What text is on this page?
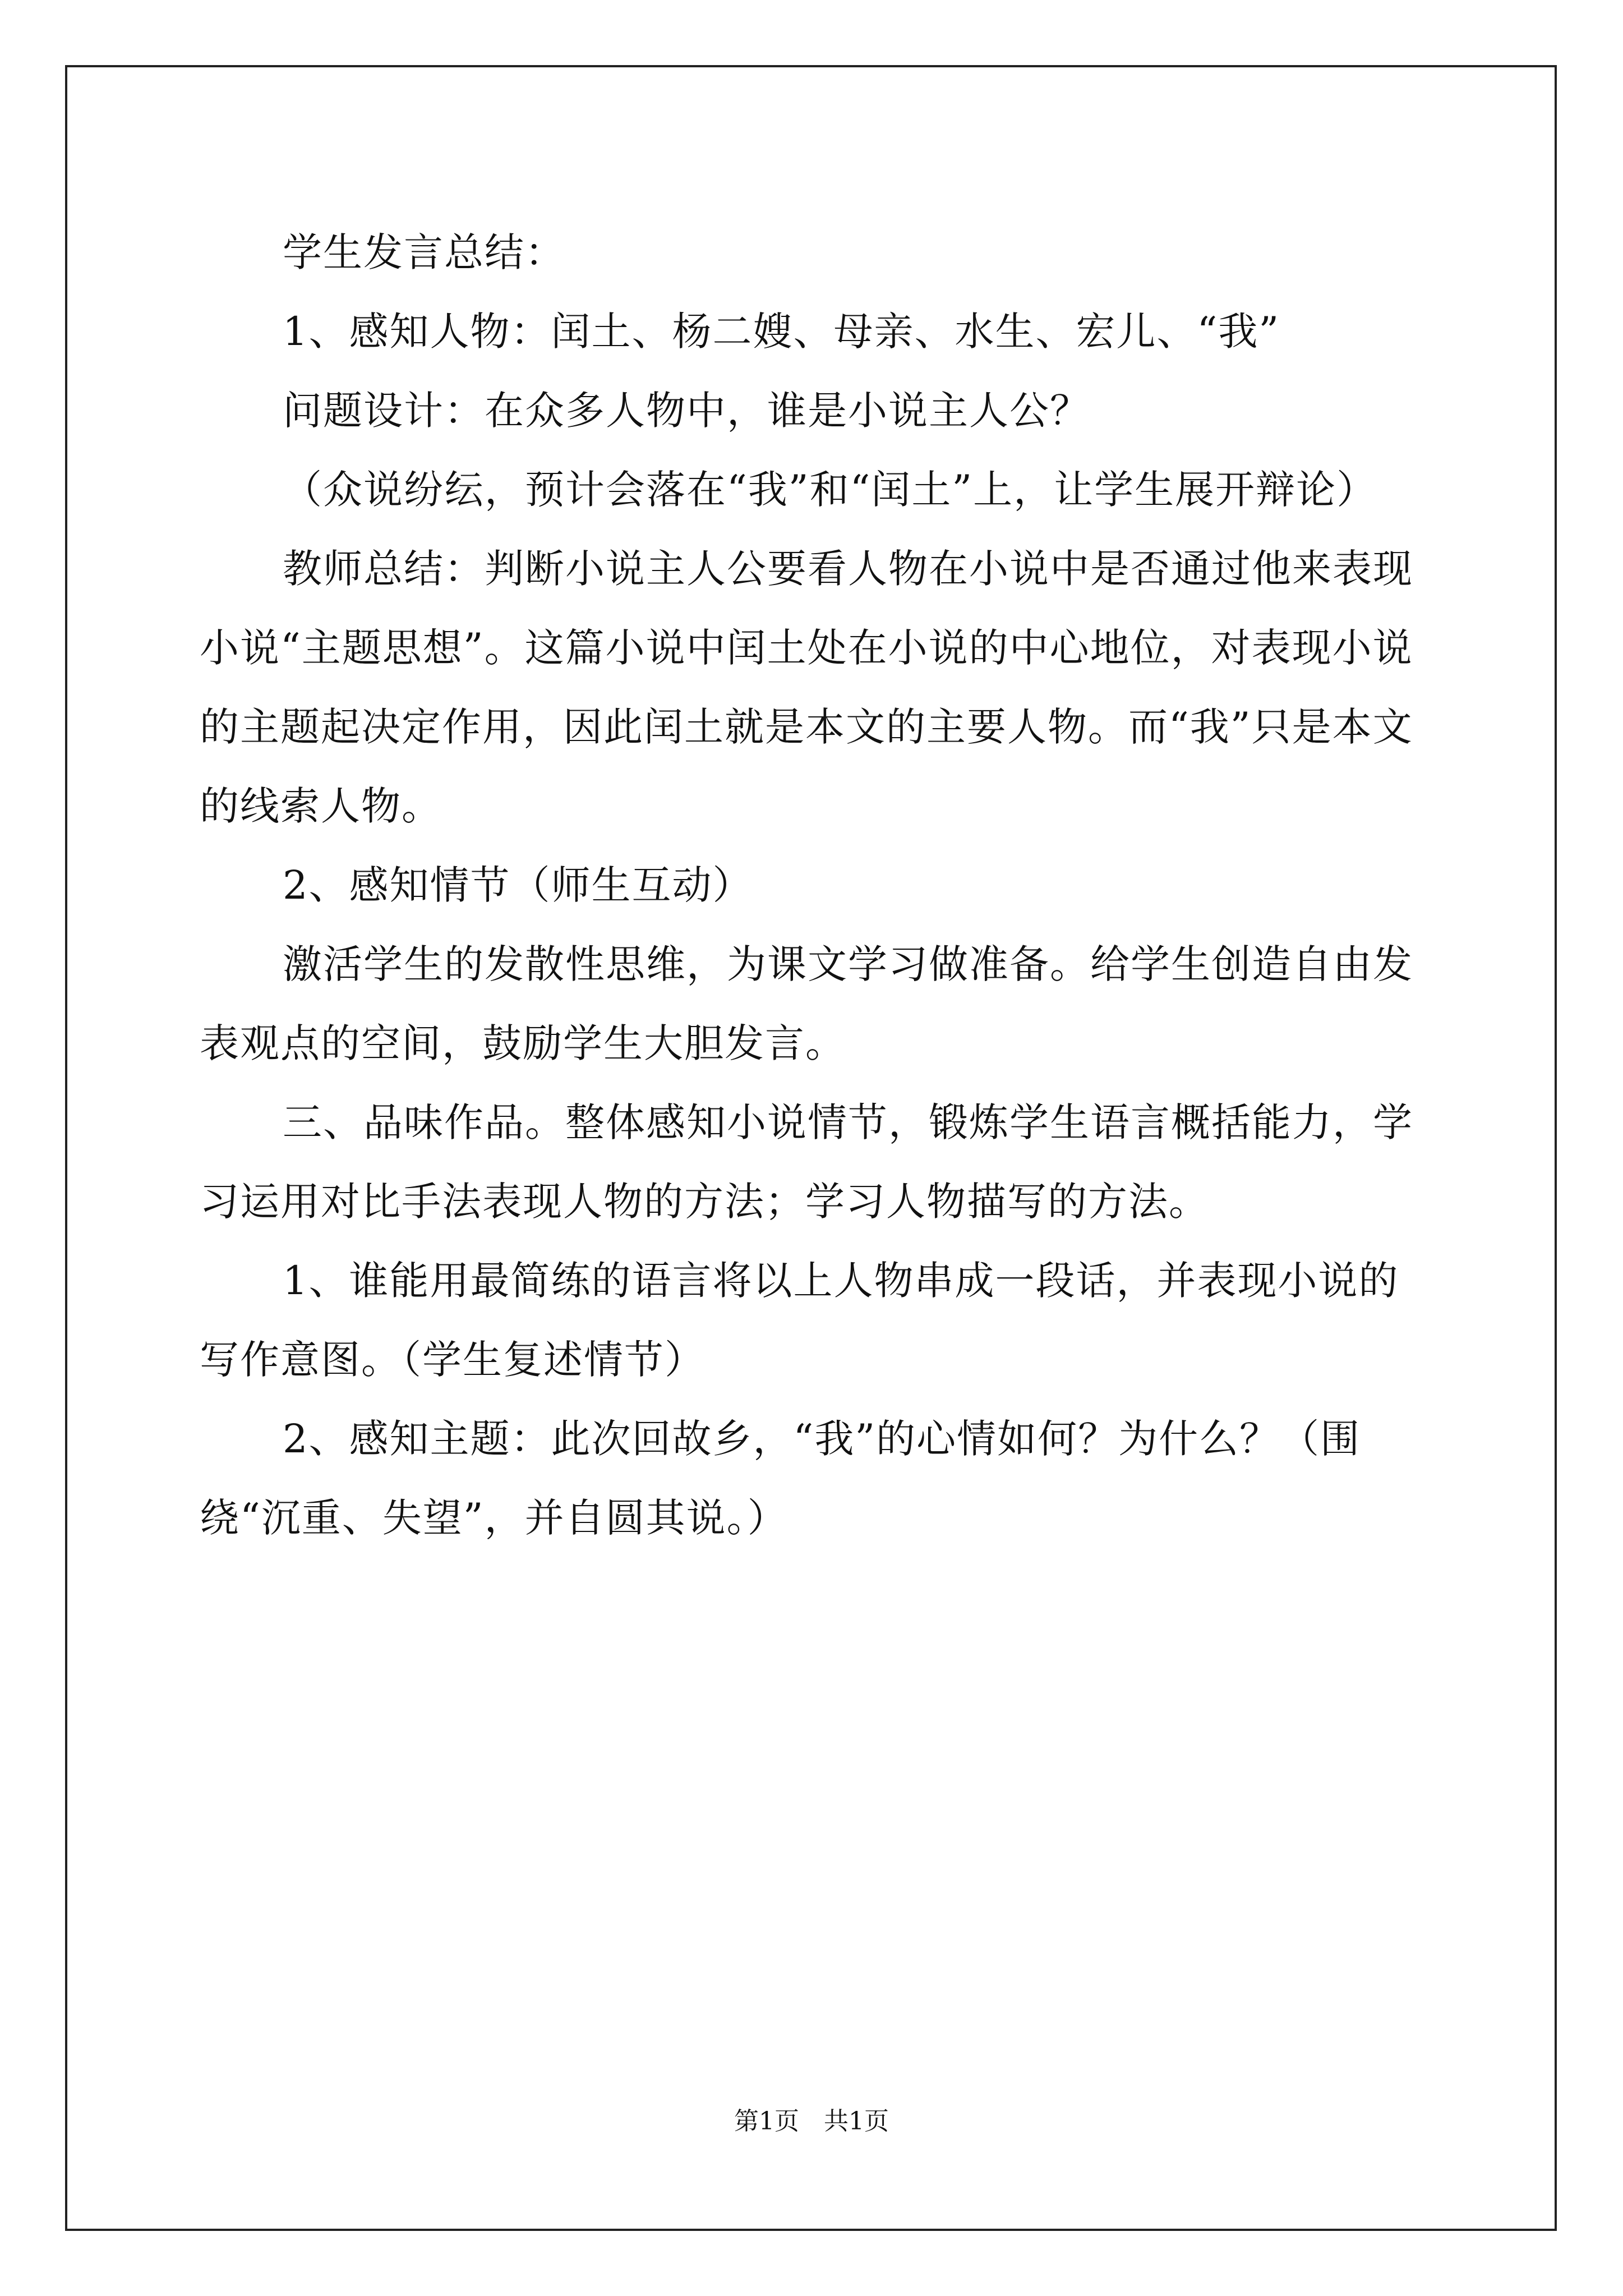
学生发言总结：

1、感知人物：闰土、杨二嫂、母亲、水生、宏儿、“我”

问题设计：在众多人物中，谁是小说主人公？

（众说纷纭，预计会落在“我”和“闰土”上，让学生展开辩论）

教师总结：判断小说主人公要看人物在小说中是否通过他来表现小说“主题思想”。这篇小说中闰土处在小说的中心地位，对表现小说的主题起决定作用，因此闰土就是本文的主要人物。而“我”只是本文的线索人物。

2、感知情节（师生互动）

激活学生的发散性思维，为课文学习做准备。给学生创造自由发表观点的空间，鼓励学生大胆发言。

三、品味作品。整体感知小说情节，锻炼学生语言概括能力，学习运用对比手法表现人物的方法；学习人物描写的方法。

1、谁能用最简练的语言将以上人物串成一段话，并表现小说的写作意图。（学生复述情节）

2、感知主题：此次回故乡，“我”的心情如何？为什么？（围绕“沉重、失望”，并自圆其说。）

第1页　共1页
